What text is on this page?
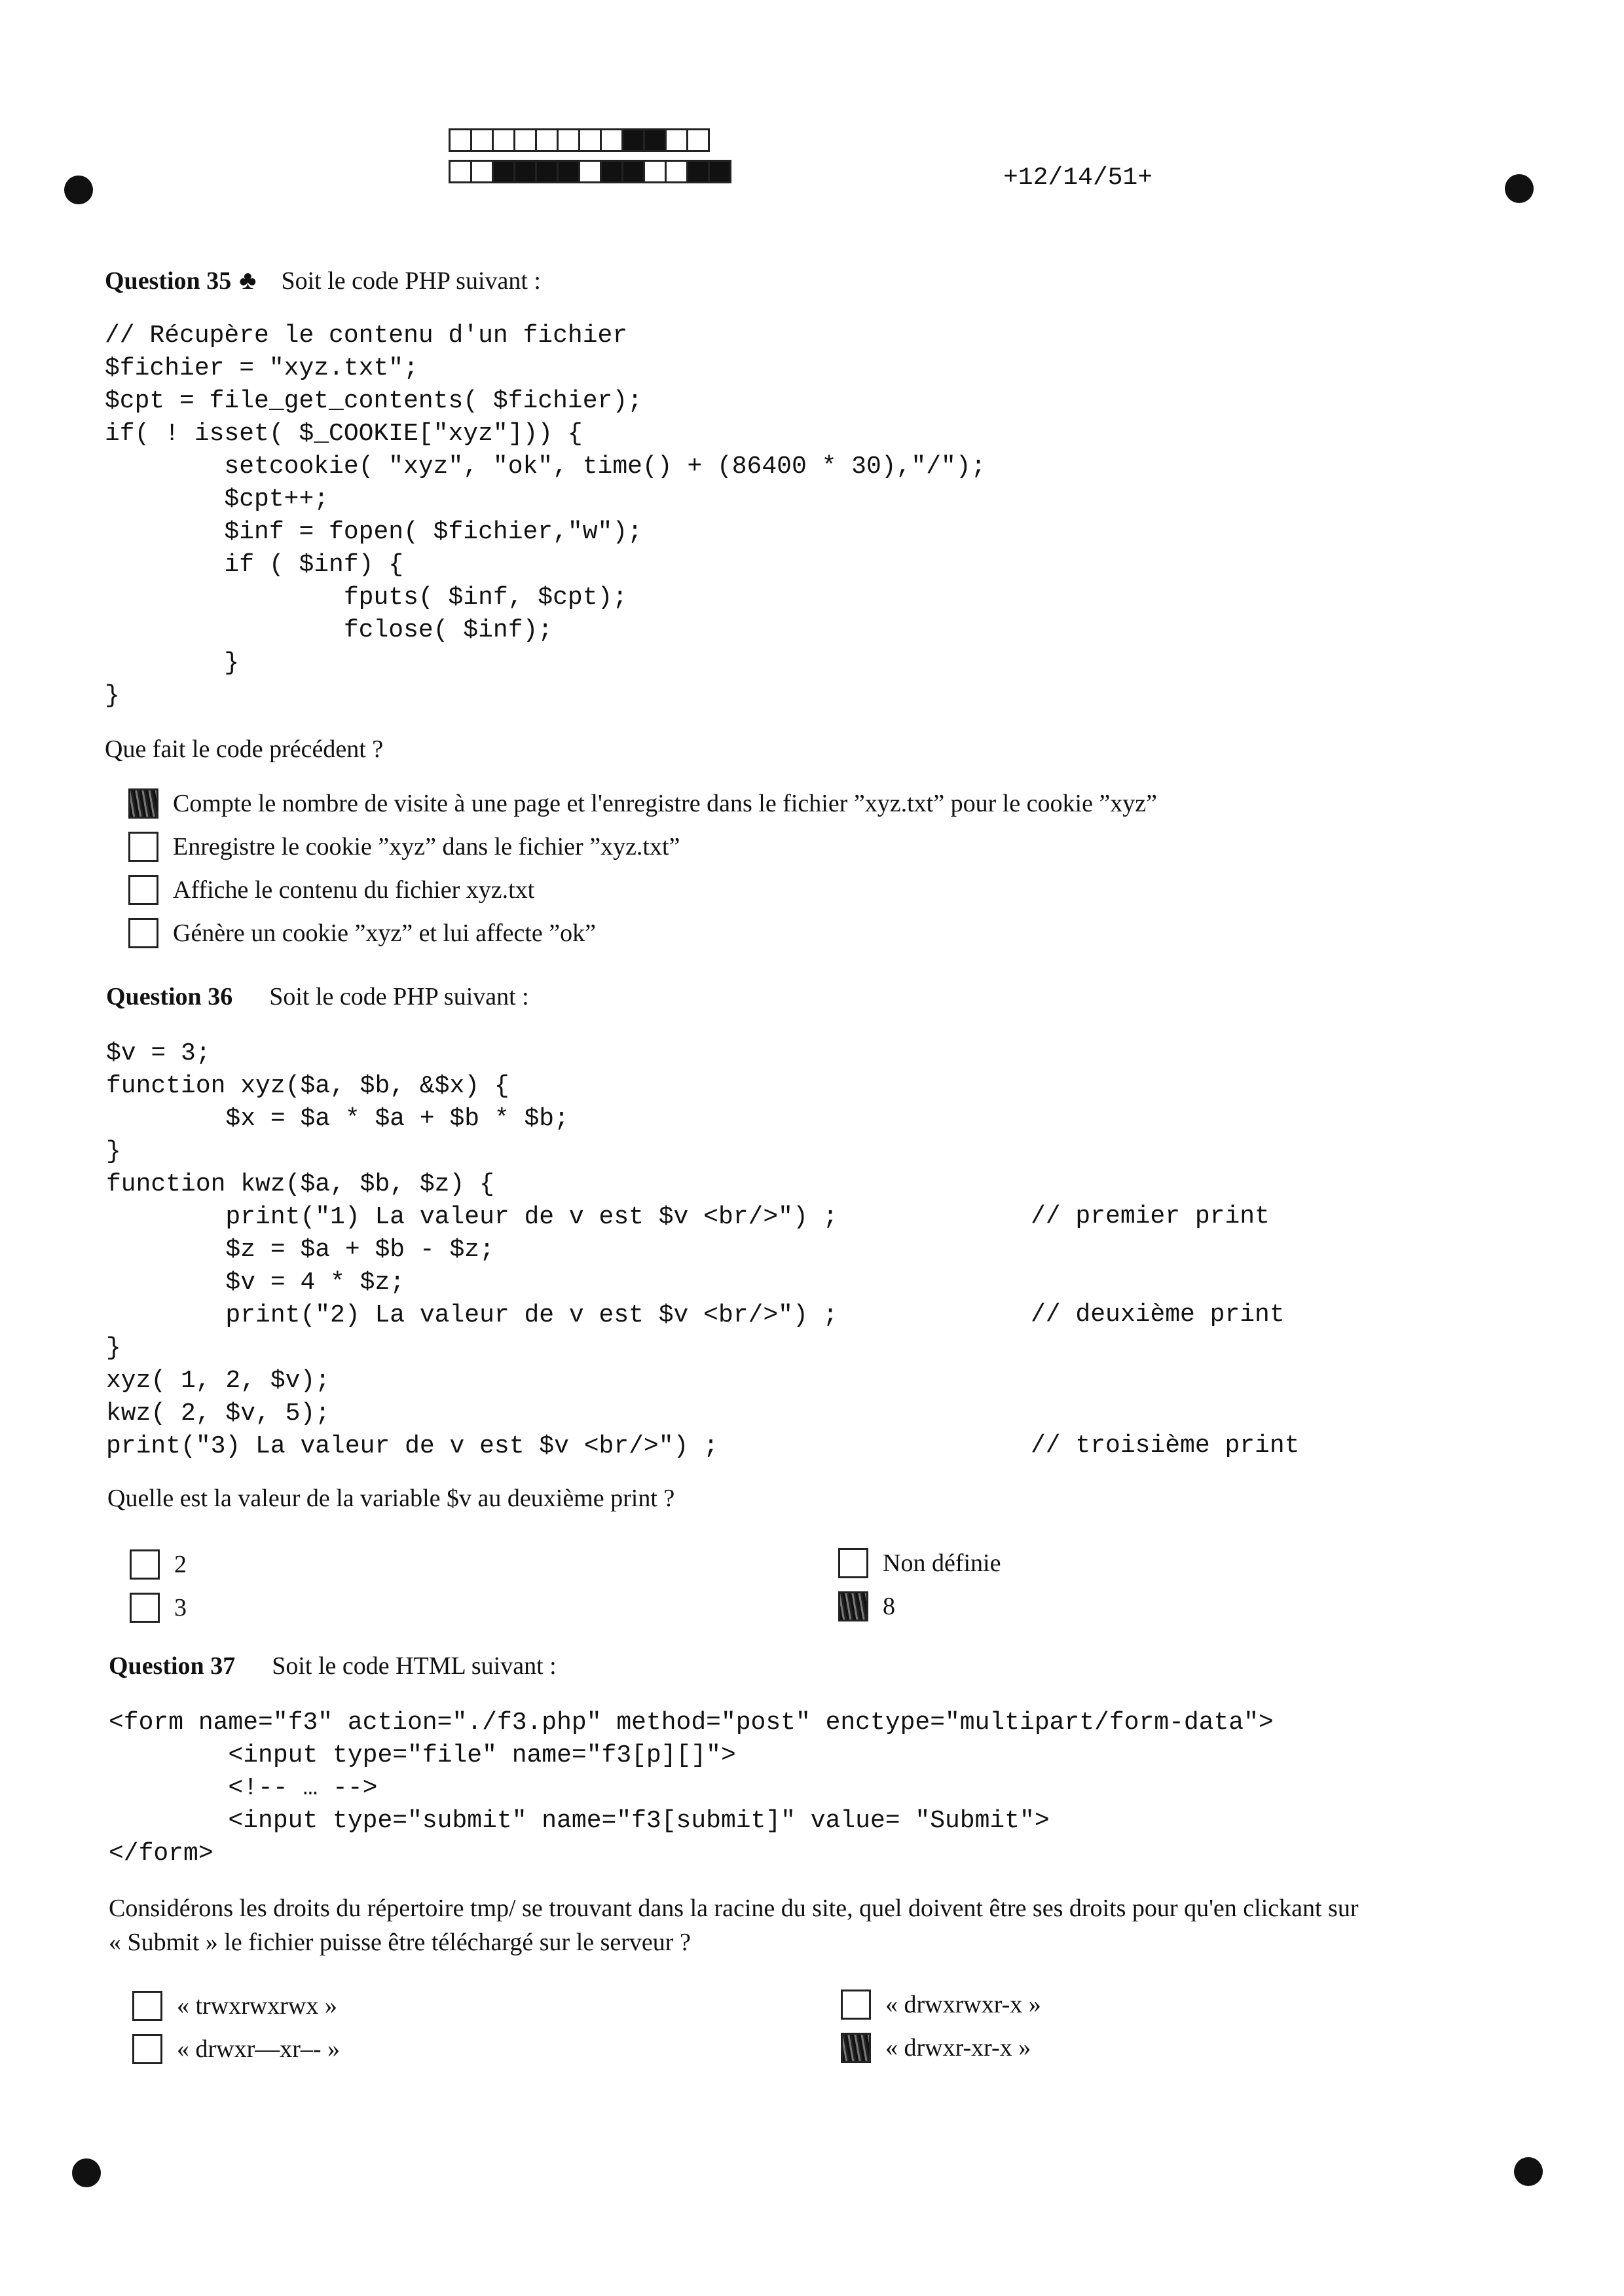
+12/14/51+
Question 35 ♣ Soit le code PHP suivant :
// Récupère le contenu d'un fichier
$fichier = "xyz.txt";
$cpt = file_get_contents( $fichier);
if( ! isset( $_COOKIE["xyz"])) {
setcookie( "xyz", "ok", time() + (86400 * 30),"/");
$cpt++;
$inf = fopen( $fichier,"w");
if ( $inf) {
fputs( $inf, $cpt);
fclose( $inf);
}
}
Que fait le code précédent ?
Compte le nombre de visite à une page et l'enregistre dans le fichier ”xyz.txt” pour le cookie ”xyz”
Enregistre le cookie ”xyz” dans le fichier ”xyz.txt”
Affiche le contenu du fichier xyz.txt
Génère un cookie ”xyz” et lui affecte ”ok”
Question 36 Soit le code PHP suivant :
$v = 3;
function xyz($a, $b, &$x) {
$x = $a * $a + $b * $b;
}
function kwz($a, $b, $z) {
print("1) La valeur de v est $v <br/>") ;
$z = $a + $b - $z;
$v = 4 * $z;
print("2) La valeur de v est $v <br/>") ;
}
xyz( 1, 2, $v);
kwz( 2, $v, 5);
print("3) La valeur de v est $v <br/>") ;
// premier print
// deuxième print
// troisième print
Quelle est la valeur de la variable $v au deuxième print ?
2
3
Non définie
8
Question 37 Soit le code HTML suivant :
<form name="f3" action="./f3.php" method="post" enctype="multipart/form-data">
<input type="file" name="f3[p][]">
<!-- … -->
<input type="submit" name="f3[submit]" value= "Submit">
</form>
Considérons les droits du répertoire tmp/ se trouvant dans la racine du site, quel doivent être ses droits pour qu'en clickant sur
« Submit » le fichier puisse être téléchargé sur le serveur ?
« trwxrwxrwx »
« drwxr—xr–- »
« drwxrwxr-x »
« drwxr-xr-x »
